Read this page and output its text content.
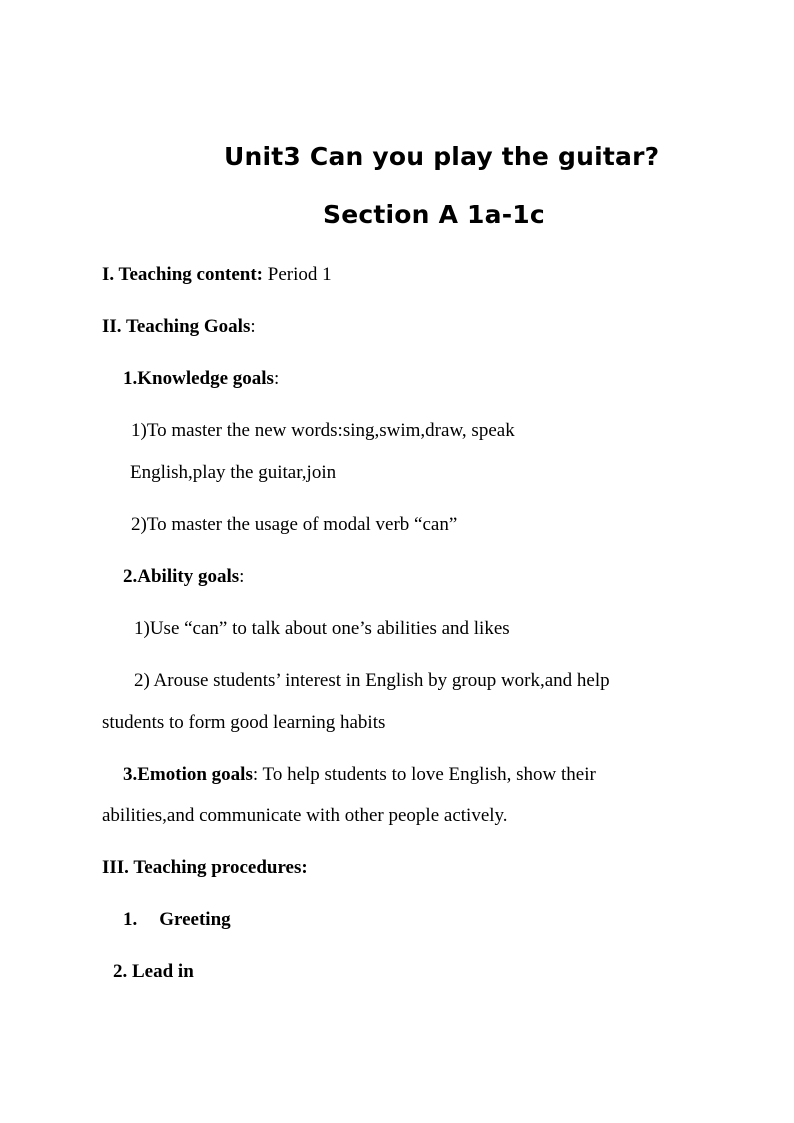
Unit3 Can you play the guitar?
Section A 1a-1c
I. Teaching content: Period 1
II. Teaching Goals:
1.Knowledge goals:
1)To master the new words:sing,swim,draw, speak
English,play the guitar,join
2)To master the usage of modal verb “can”
2.Ability goals:
1)Use “can” to talk about one’s abilities and likes
2) Arouse students’ interest in English by group work,and help
students to form good learning habits
3.Emotion goals: To help students to love English, show their
abilities,and communicate with other people actively.
III. Teaching procedures:
1. Greeting
2. Lead in
